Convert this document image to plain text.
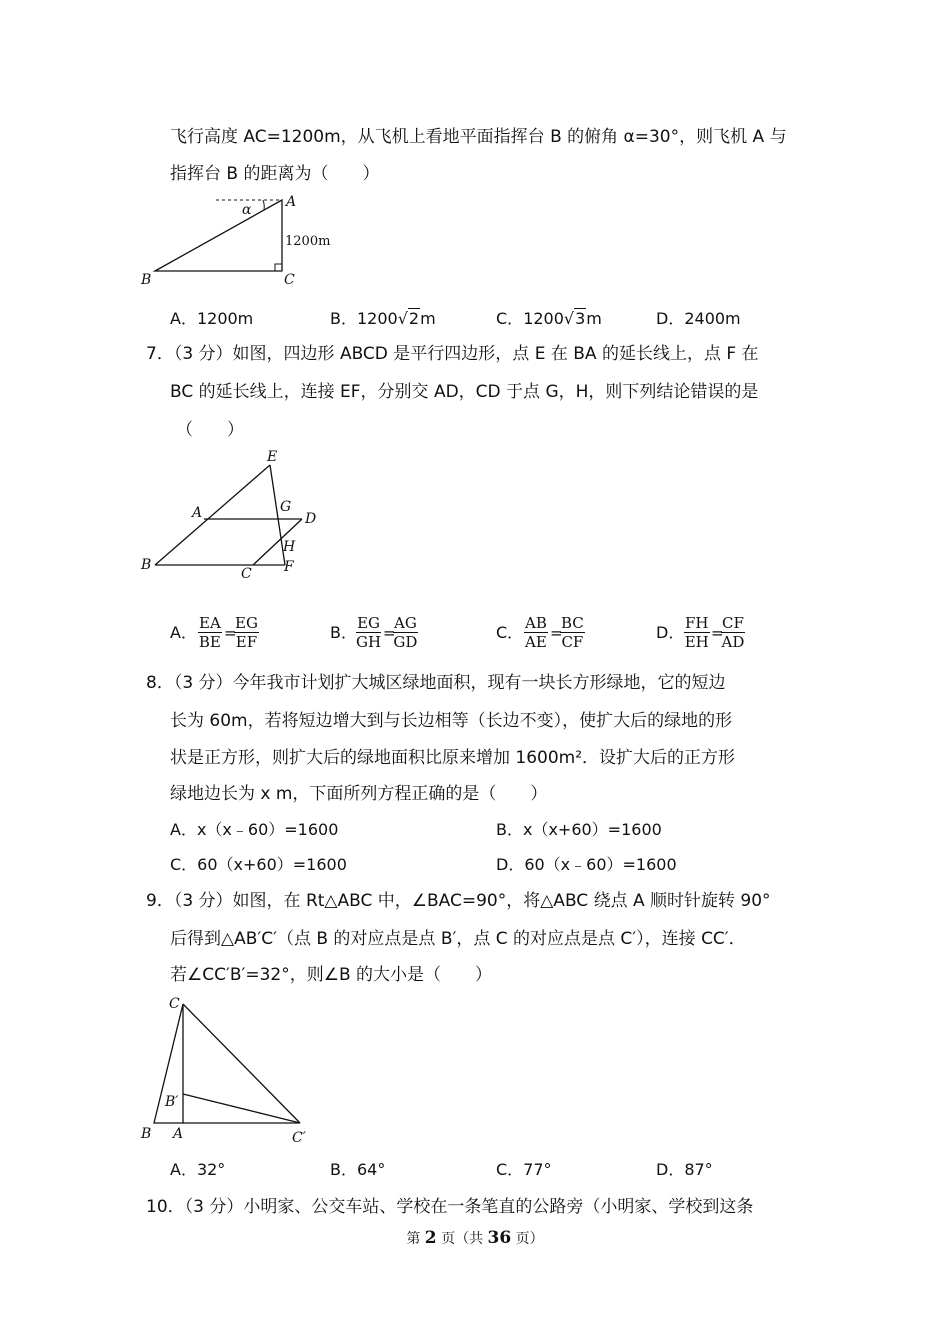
飞行高度 AC=1200m，从飞机上看地平面指挥台 B 的俯角 α=30°，则飞机 A 与
指挥台 B 的距离为（　　）
α A
B	C
1200m
A．1200m	B．1200√2m	C．1200√3m	D．2400m
7．（3 分）如图，四边形 ABCD 是平行四边形，点 E 在 BA 的延长线上，点 F 在
BC 的延长线上，连接 EF，分别交 AD，CD 于点 G，H，则下列结论错误的是
（　　）
E
A	G
D
H
B
C F
A． $\frac{EA}{BE}$ =
$\frac{EG}{EF}$	B． $\frac{EG}{GH}$ =
$\frac{AG}{GD}$	C． $\frac{AB}{AE}$ =
$\frac{BC}{CF}$	D． $\frac{FH}{EH}$ =
$\frac{CF}{AD}$
8．（3 分）今年我市计划扩大城区绿地面积，现有一块长方形绿地，它的短边
长为 60m，若将短边增大到与长边相等（长边不变），使扩大后的绿地的形
状是正方形，则扩大后的绿地面积比原来增加 1600m²．设扩大后的正方形
绿地边长为 x m，下面所列方程正确的是（　　）
A．x（x﹣60）=1600	B．x（x+60）=1600
C．60（x+60）=1600	D．60（x﹣60）=1600
9．（3 分）如图，在 Rt△ABC 中，∠BAC=90°，将△ABC 绕点 A 顺时针旋转 90°
后得到△AB′C′（点 B 的对应点是点 B′，点 C 的对应点是点 C′），连接 CC′．
若∠CC′B′=32°，则∠B 的大小是（　　）
C
B′
B A	C′
A．32°	B．64°	C．77°	D．87°
10．（3 分）小明家、公交车站、学校在一条笔直的公路旁（小明家、学校到这条
第 2 页（共 36 页）
